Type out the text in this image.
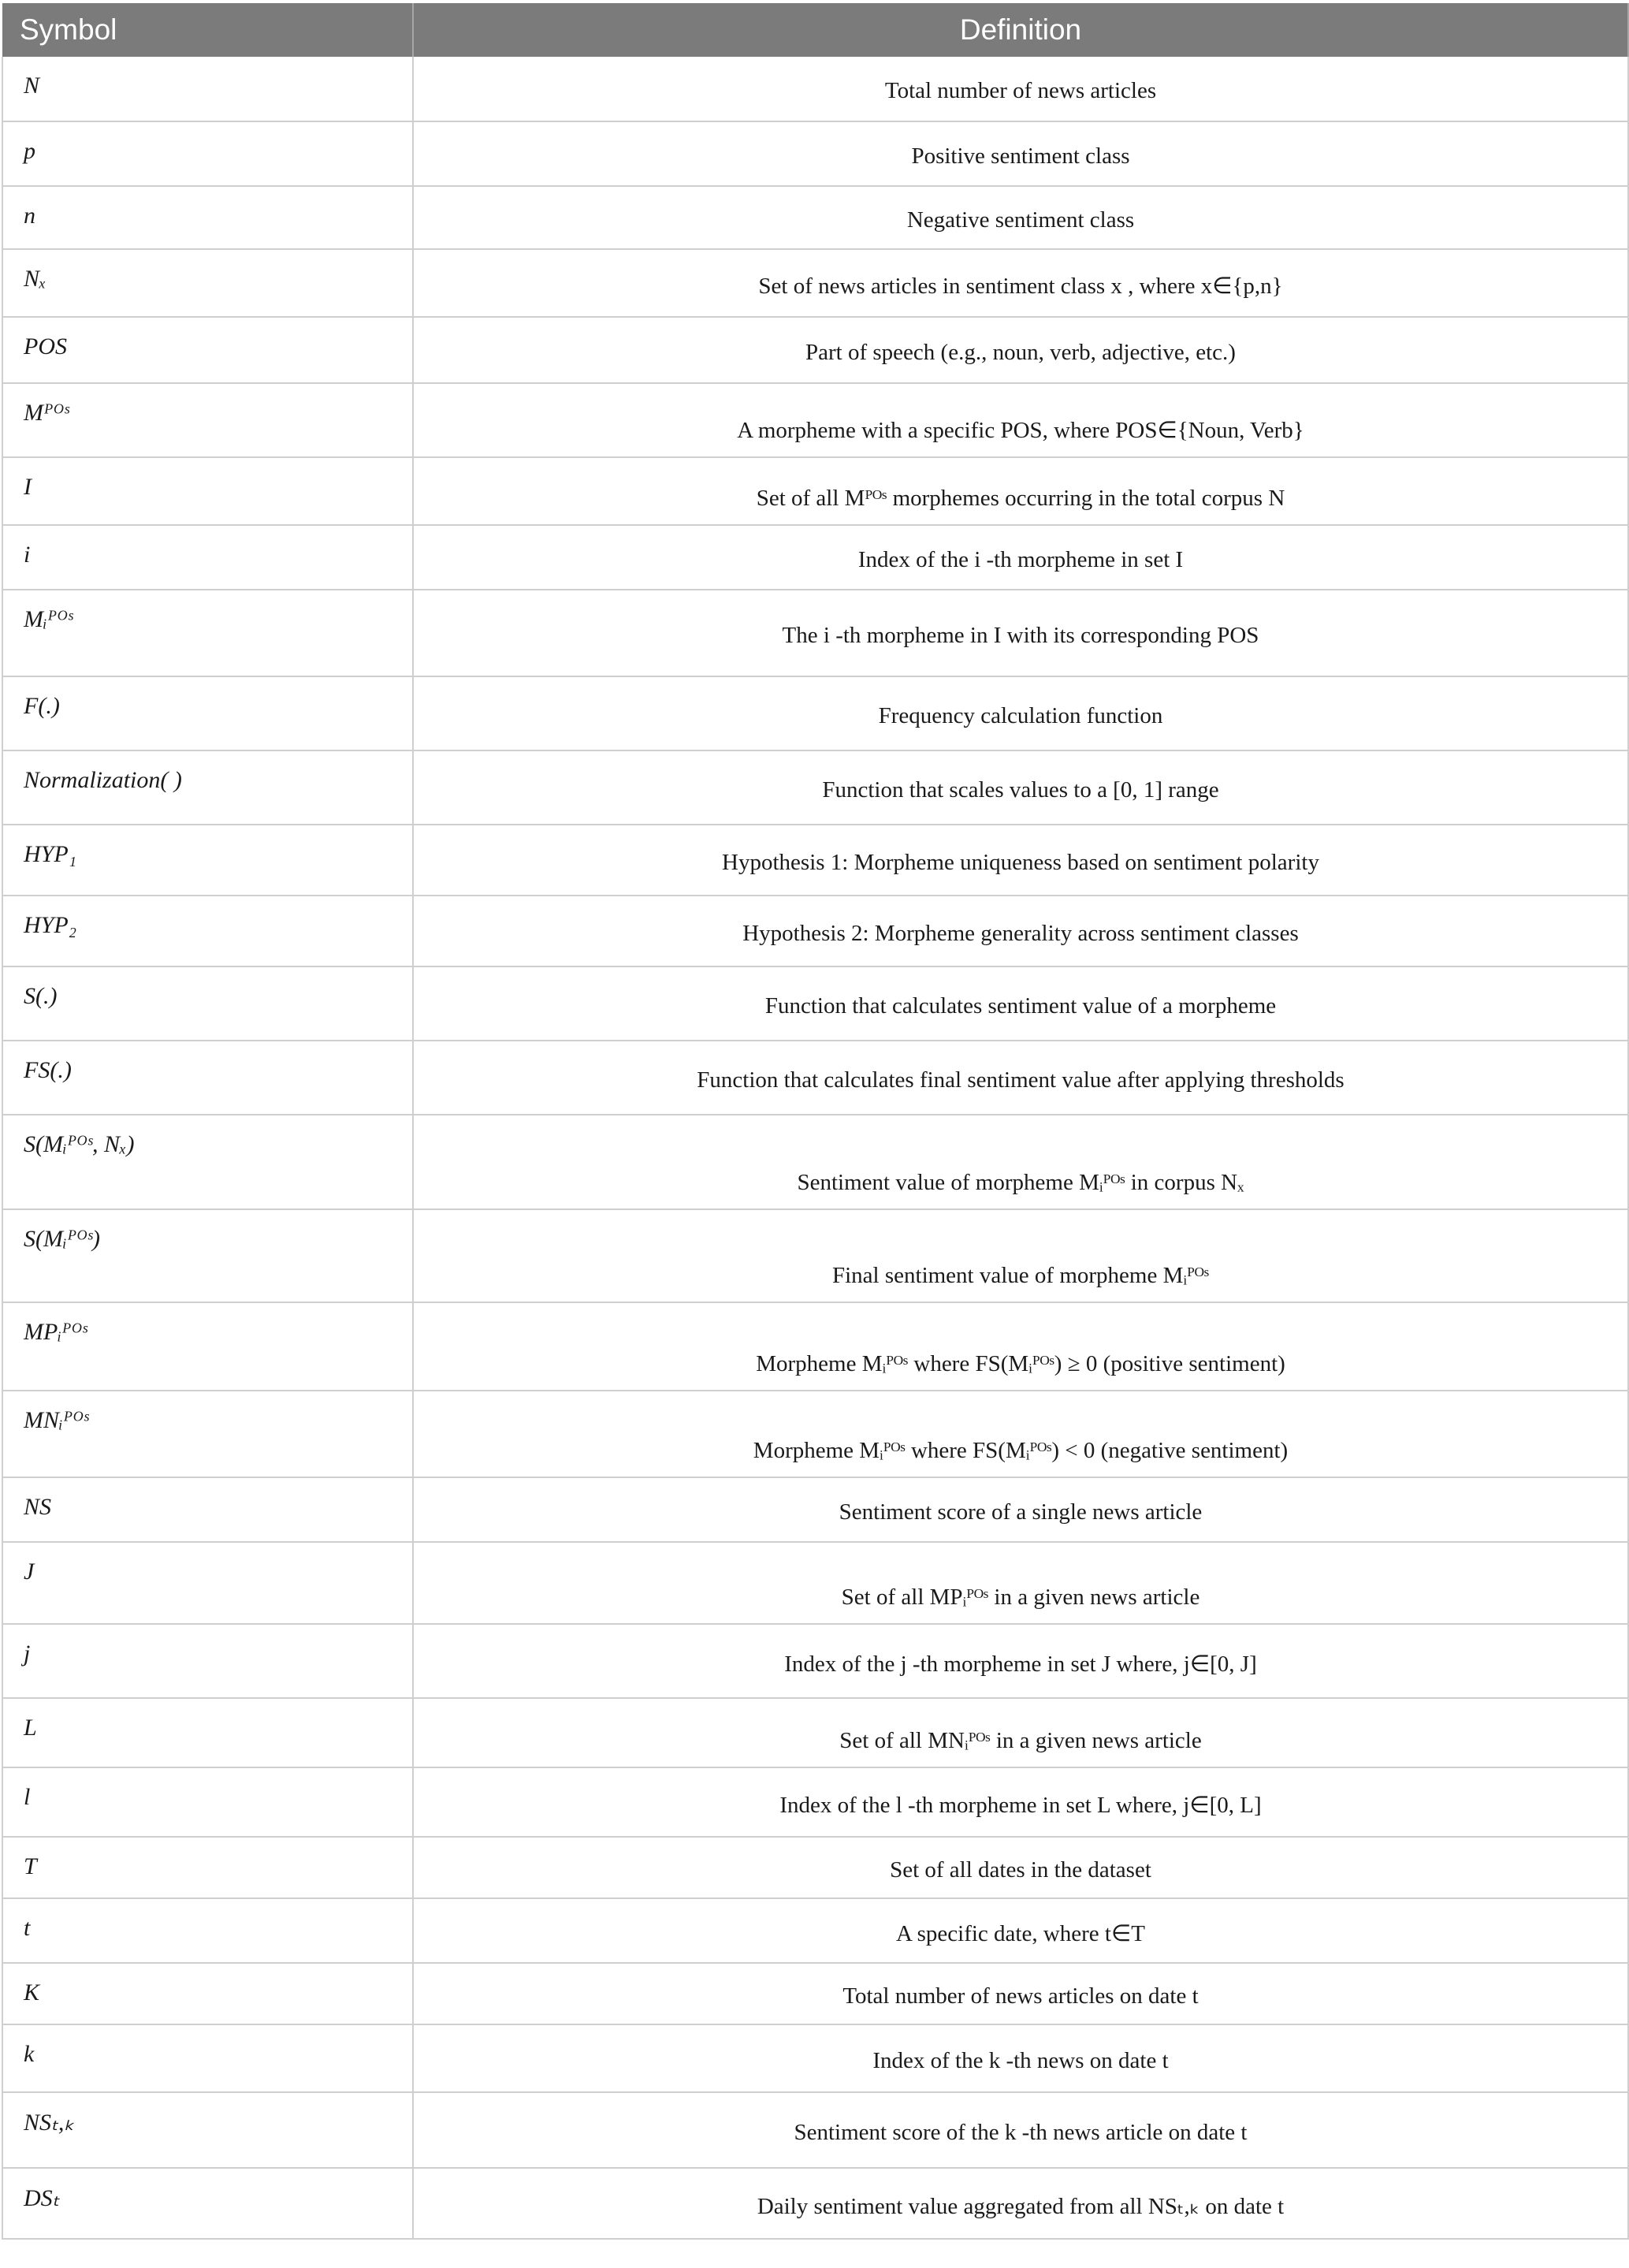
Symbol	Definition
N	Total number of news articles
p	Positive sentiment class
n	Negative sentiment class
Nₓ	Set of news articles in sentiment class x , where x∈{p,n}
POS	Part of speech (e.g., noun, verb, adjective, etc.)
Mᴾᴼˢ	A morpheme with a specific POS, where POS∈{Noun, Verb}
I	Set of all Mᴾᴼˢ morphemes occurring in the total corpus N
i	Index of the i -th morpheme in set I
Mᵢᴾᴼˢ	The i -th morpheme in I with its corresponding POS
F(.)	Frequency calculation function
Normalization( )	Function that scales values to a [0, 1] range
HYP₁	Hypothesis 1: Morpheme uniqueness based on sentiment polarity
HYP₂	Hypothesis 2: Morpheme generality across sentiment classes
S(.)	Function that calculates sentiment value of a morpheme
FS(.)	Function that calculates final sentiment value after applying thresholds
S(Mᵢᴾᴼˢ, Nₓ)	Sentiment value of morpheme Mᵢᴾᴼˢ in corpus Nₓ
S(Mᵢᴾᴼˢ)	Final sentiment value of morpheme Mᵢᴾᴼˢ
MPᵢᴾᴼˢ	Morpheme Mᵢᴾᴼˢ where FS(Mᵢᴾᴼˢ) ≥ 0 (positive sentiment)
MNᵢᴾᴼˢ	Morpheme Mᵢᴾᴼˢ where FS(Mᵢᴾᴼˢ) < 0 (negative sentiment)
NS	Sentiment score of a single news article
J	Set of all MPᵢᴾᴼˢ in a given news article
j	Index of the j -th morpheme in set J where, j∈[0, J]
L	Set of all MNᵢᴾᴼˢ in a given news article
l	Index of the l -th morpheme in set L where, j∈[0, L]
T	Set of all dates in the dataset
t	A specific date, where t∈T
K	Total number of news articles on date t
k	Index of the k -th news on date t
NSₜ,ₖ	Sentiment score of the k -th news article on date t
DSₜ	Daily sentiment value aggregated from all NSₜ,ₖ on date t
